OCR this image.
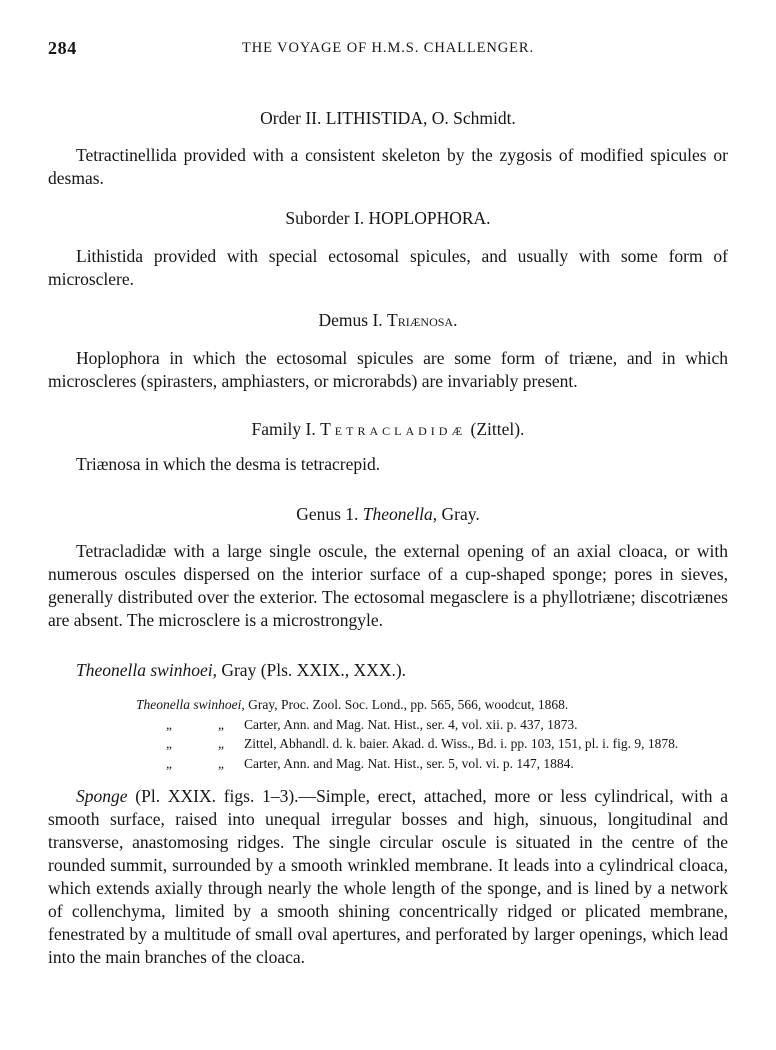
284	THE VOYAGE OF H.M.S. CHALLENGER.
Order II. LITHISTIDA, O. Schmidt.

Tetractinellida provided with a consistent skeleton by the zygosis of modified spicules or desmas.

Suborder I. HOPLOPHORA.

Lithistida provided with special ectosomal spicules, and usually with some form of microsclere.

Demus I. Triænosa.

Hoplophora in which the ectosomal spicules are some form of triæne, and in which microscleres (spirasters, amphiasters, or microrabds) are invariably present.

Family I. Tetracladidæ (Zittel).

Triænosa in which the desma is tetracrepid.

Genus 1. Theonella, Gray.

Tetracladidæ with a large single oscule, the external opening of an axial cloaca, or with numerous oscules dispersed on the interior surface of a cup-shaped sponge; pores in sieves, generally distributed over the exterior. The ectosomal megasclere is a phyllotriæne; discotriænes are absent. The microsclere is a microstrongyle.

Theonella swinhoei, Gray (Pls. XXIX., XXX.).

Theonella swinhoei, Gray, Proc. Zool. Soc. Lond., pp. 565, 566, woodcut, 1868.
„	„	Carter, Ann. and Mag. Nat. Hist., ser. 4, vol. xii. p. 437, 1873.
„	„	Zittel, Abhandl. d. k. baier. Akad. d. Wiss., Bd. i. pp. 103, 151, pl. i. fig. 9, 1878.
„	„	Carter, Ann. and Mag. Nat. Hist., ser. 5, vol. vi. p. 147, 1884.

Sponge (Pl. XXIX. figs. 1–3).—Simple, erect, attached, more or less cylindrical, with a smooth surface, raised into unequal irregular bosses and high, sinuous, longitudinal and transverse, anastomosing ridges. The single circular oscule is situated in the centre of the rounded summit, surrounded by a smooth wrinkled membrane. It leads into a cylindrical cloaca, which extends axially through nearly the whole length of the sponge, and is lined by a network of collenchyma, limited by a smooth shining concentrically ridged or plicated membrane, fenestrated by a multitude of small oval apertures, and perforated by larger openings, which lead into the main branches of the cloaca.
